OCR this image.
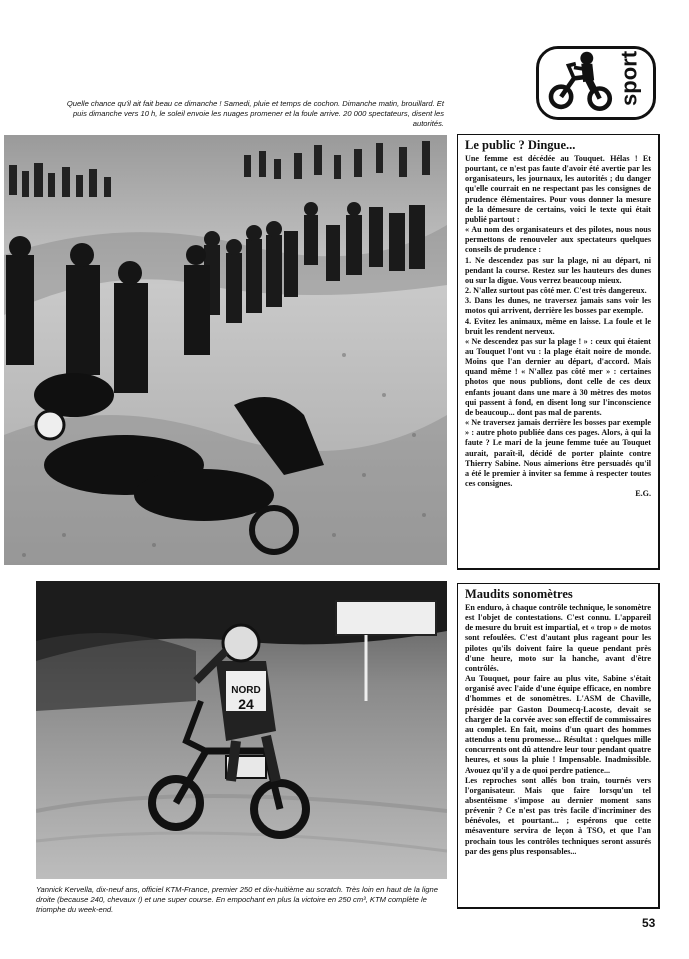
sport

Quelle chance qu'il ait fait beau ce dimanche ! Samedi, pluie et temps de cochon. Dimanche matin, brouillard. Et puis dimanche vers 10 h, le soleil envoie les nuages promener et la foule arrive. 20 000 spectateurs, disent les autorités.

Le public ? Dingue...

Une femme est décédée au Touquet. Hélas ! Et pourtant, ce n'est pas faute d'avoir été avertie par les organisateurs, les journaux, les autorités ; du danger qu'elle courrait en ne respectant pas les consignes de prudence élémentaires. Pour vous donner la mesure de la démesure de certains, voici le texte qui était publié partout :

« Au nom des organisateurs et des pilotes, nous nous permettons de renouveler aux spectateurs quelques conseils de prudence :

1. Ne descendez pas sur la plage, ni au départ, ni pendant la course. Restez sur les hauteurs des dunes ou sur la digue. Vous verrez beaucoup mieux.

2. N'allez surtout pas côté mer. C'est très dangereux.

3. Dans les dunes, ne traversez jamais sans voir les motos qui arrivent, derrière les bosses par exemple.

4. Evitez les animaux, même en laisse. La foule et le bruit les rendent nerveux.

« Ne descendez pas sur la plage ! » : ceux qui étaient au Touquet l'ont vu : la plage était noire de monde. Moins que l'an dernier au départ, d'accord. Mais quand même ! « N'allez pas côté mer » : certaines photos que nous publions, dont celle de ces deux enfants jouant dans une mare à 30 mètres des motos qui passent à fond, en disent long sur l'inconscience de beaucoup... dont pas mal de parents.

« Ne traversez jamais derrière les bosses par exemple » : autre photo publiée dans ces pages. Alors, à qui la faute ? Le mari de la jeune femme tuée au Touquet aurait, paraît-il, décidé de porter plainte contre Thierry Sabine. Nous aimerions être persuadés qu'il a été le premier à inviter sa femme à respecter toutes ces consignes.

E.G.

NORD
24
Maudits sonomètres

En enduro, à chaque contrôle technique, le sonomètre est l'objet de contestations. C'est connu. L'appareil de mesure du bruit est impartial, et « trop » de motos sont refoulées. C'est d'autant plus rageant pour les pilotes qu'ils doivent faire la queue pendant près d'une heure, moto sur la hanche, avant d'être contrôlés.

Au Touquet, pour faire au plus vite, Sabine s'était organisé avec l'aide d'une équipe efficace, en nombre d'hommes et de sonomètres. L'ASM de Chaville, présidée par Gaston Doumecq-Lacoste, devait se charger de la corvée avec son effectif de commissaires au complet. En fait, moins d'un quart des hommes attendus a tenu promesse... Résultat : quelques mille concurrents ont dû attendre leur tour pendant quatre heures, et sous la pluie ! Impensable. Inadmissible. Avouez qu'il y a de quoi perdre patience...

Les reproches sont allés bon train, tournés vers l'organisateur. Mais que faire lorsqu'un tel absentéisme s'impose au dernier moment sans prévenir ? Ce n'est pas très facile d'incriminer des bénévoles, et pourtant... ; espérons que cette mésaventure servira de leçon à TSO, et que l'an prochain tous les contrôles techniques seront assurés par des gens plus responsables...

Yannick Kervella, dix-neuf ans, officiel KTM-France, premier 250 et dix-huitième au scratch. Très loin en haut de la ligne droite (because 240, chevaux !) et une super course. En empochant en plus la victoire en 250 cm³, KTM complète le triomphe du week-end.

53
